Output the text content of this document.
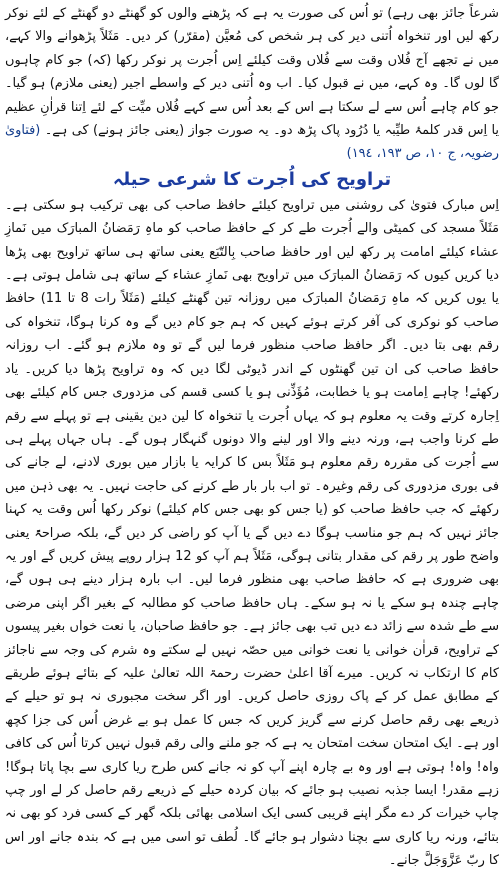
شرعاً جائز بھی رہے) تو اُس کی صورت یہ ہے کہ پڑھنے والوں کو گھنٹے دو گھنٹے کے لئے نوکر رکھ لیں اور تنخواہ اُتنی دیر کی ہر شخص کی مُعیَّن (مقرّر) کر دیں۔ مَثَلاً پڑھوانے والا کہے، میں نے تجھے آج فُلاں وقت سے فُلاں وقت کیلئے اِس اُجرت پر نوکر رکھا (کہ) جو کام چاہوں گا لوں گا۔ وہ کہے، میں نے قبول کیا۔ اب وہ اُتنی دیر کے واسطے اجیر (یعنی ملازم) ہو گیا۔ جو کام چاہے اُس سے لے سکتا ہے اس کے بعد اُس سے کہے فُلاں میِّت کے لئے اِتنا قراٰنِ عظیم یا اِس قدر کلمۂ طیِّبہ یا دُرُود پاک پڑھ دو۔ یہ صورت جواز (یعنی جائز ہونے) کی ہے۔ (فتاویٰ رضویہ، ج ١٠، ص ١٩٣، ١٩٤)

تراویح کی اُجرت کا شرعی حیلہ

اِس مبارک فتویٰ کی روشنی میں تراویح کیلئے حافظ صاحب کی بھی ترکیب ہو سکتی ہے۔ مَثَلاً مسجد کی کمیٹی والے اُجرت طے کر کے حافظ صاحب کو ماہِ رَمَضانُ المبارَک میں نَمازِ عشاء کیلئے امامت پر رکھ لیں اور حافظ صاحب بِالتّبَع یعنی ساتھ ہی ساتھ تراویح بھی پڑھا دیا کریں کیوں کہ رَمَضانُ المبارَک میں تراویح بھی نَمازِ عشاء کے ساتھ ہی شامل ہوتی ہے۔ یا یوں کریں کہ ماہِ رَمَضانُ المبارَک میں روزانہ تین گھنٹے کیلئے (مَثَلاً رات 8 تا 11) حافظ صاحب کو نوکری کی آفر کرتے ہوئے کہیں کہ ہم جو کام دیں گے وہ کرنا ہوگا، تنخواہ کی رقم بھی بتا دیں۔ اگر حافظ صاحب منظور فرما لیں گے تو وہ ملازم ہو گئے۔ اب روزانہ حافظ صاحب کی ان تین گھنٹوں کے اندر ڈیوٹی لگا دیں کہ وہ تراویح پڑھا دیا کریں۔ یاد رکھئے! چاہے اِمامت ہو یا خطابت، مُؤَذِّنی ہو یا کسی قسم کی مزدوری جس کام کیلئے بھی اِجارہ کرتے وقت یہ معلوم ہو کہ یہاں اُجرت یا تنخواہ کا لین دین یقینی ہے تو پہلے سے رقم طے کرنا واجب ہے، ورنہ دینے والا اور لینے والا دونوں گنہگار ہوں گے۔ ہاں جہاں پہلے ہی سے اُجرت کی مقررہ رقم معلوم ہو مَثَلاً بس کا کرایہ یا بازار میں بوری لادنے، لے جانے کی فی بوری مزدوری کی رقم وغیرہ۔ تو اب بار بار طے کرنے کی حاجت نہیں۔ یہ بھی ذہن میں رکھئے کہ جب حافظ صاحب کو (یا جس کو بھی جس کام کیلئے) نوکر رکھا اُس وقت یہ کہنا جائز نہیں کہ ہم جو مناسب ہوگا دے دیں گے یا آپ کو راضی کر دیں گے، بلکہ صراحۃً یعنی واضح طور پر رقم کی مقدار بتانی ہوگی، مَثَلاً ہم آپ کو 12 ہزار روپے پیش کریں گے اور یہ بھی ضروری ہے کہ حافظ صاحب بھی منظور فرما لیں۔ اب بارہ ہزار دینے ہی ہوں گے، چاہے چندہ ہو سکے یا نہ ہو سکے۔ ہاں حافظ صاحب کو مطالبہ کے بغیر اگر اپنی مرضی سے طے شدہ سے زائد دے دیں تب بھی جائز ہے۔ جو حافظ صاحبان، یا نعت خواں بغیر پیسوں کے تراویح، قراٰن خوانی یا نعت خوانی میں حصّہ نہیں لے سکتے وہ شرم کی وجہ سے ناجائز کام کا ارتکاب نہ کریں۔ میرے آقا اعلیٰ حضرت رحمۃ اللہ تعالیٰ علیہ کے بتائے ہوئے طریقے کے مطابق عمل کر کے پاک روزی حاصل کریں۔ اور اگر سخت مجبوری نہ ہو تو حیلے کے ذریعے بھی رقم حاصل کرنے سے گریز کریں کہ جس کا عمل ہو بے غرض اُس کی جزا کچھ اور ہے۔ ایک امتحان سخت امتحان یہ ہے کہ جو ملنے والی رقم قبول نہیں کرتا اُس کی کافی واہ! واہ! ہوتی ہے اور وہ بے چارہ اپنے آپ کو نہ جانے کس طرح ریا کاری سے بچا پاتا ہوگا! زہے مقدر! ایسا جذبہ نصیب ہو جائے کہ بیان کردہ حیلے کے ذریعے رقم حاصل کر لے اور چپ چاپ خیرات کر دے مگر اپنے قریبی کسی ایک اسلامی بھائی بلکہ گھر کے کسی فرد کو بھی نہ بتائے، ورنہ ریا کاری سے بچنا دشوار ہو جائے گا۔ لُطف تو اسی میں ہے کہ بندہ جانے اور اس کا ربّ عَزَّوَجَلَّ جانے۔
